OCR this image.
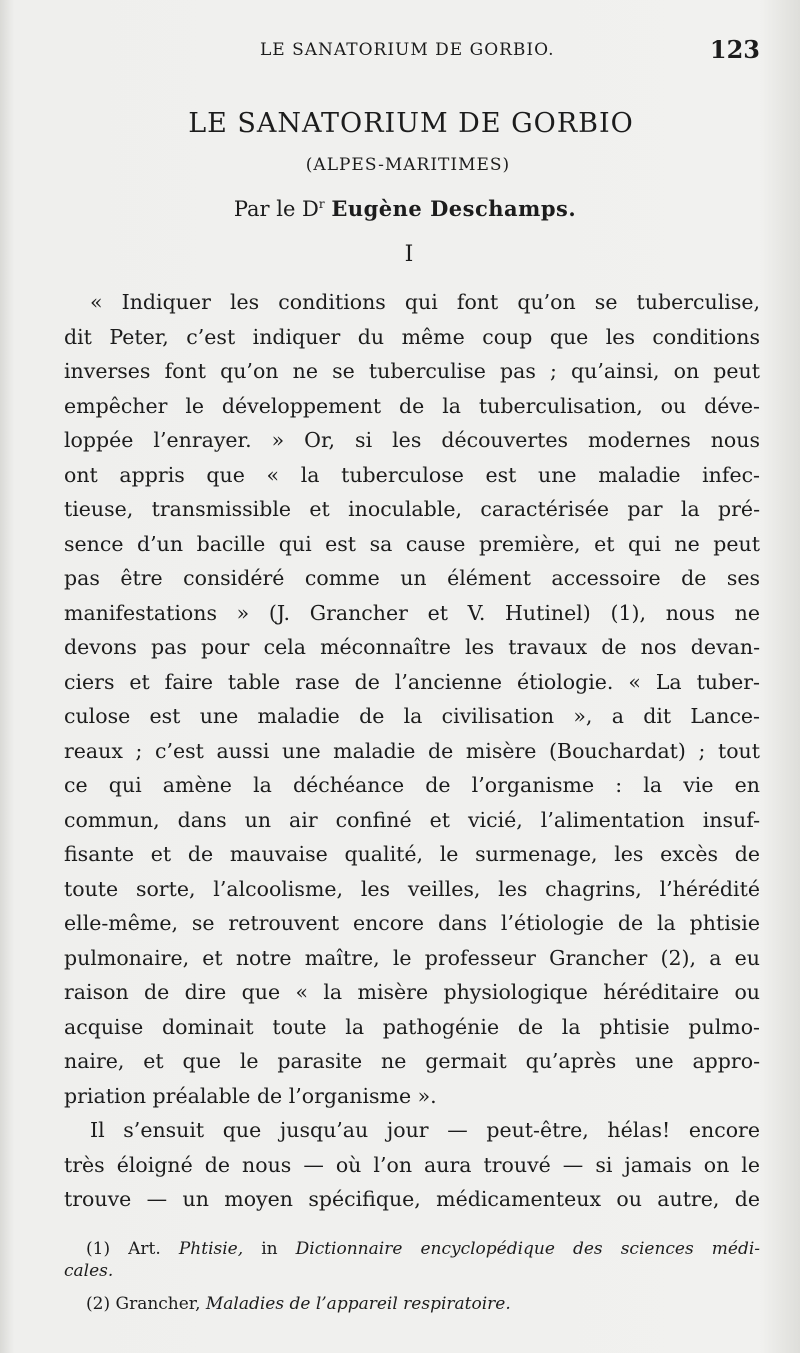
LE SANATORIUM DE GORBIO.	123
LE SANATORIUM DE GORBIO
(ALPES-MARITIMES)
Par le $D^r$ Eugène Deschamps.
I
« Indiquer les conditions qui font qu’on se tuberculise,
dit Peter, c’est indiquer du même coup que les conditions
inverses font qu’on ne se tuberculise pas ; qu’ainsi, on peut
empêcher le développement de la tuberculisation, ou déve-
loppée l’enrayer. » Or, si les découvertes modernes nous
ont appris que « la tuberculose est une maladie infec-
tieuse, transmissible et inoculable, caractérisée par la pré-
sence d’un bacille qui est sa cause première, et qui ne peut
pas être considéré comme un élément accessoire de ses
manifestations » (J. Grancher et V. Hutinel) (1), nous ne
devons pas pour cela méconnaître les travaux de nos devan-
ciers et faire table rase de l’ancienne étiologie. « La tuber-
culose est une maladie de la civilisation », a dit Lance-
reaux ; c’est aussi une maladie de misère (Bouchardat) ; tout
ce qui amène la déchéance de l’organisme : la vie en
commun, dans un air confiné et vicié, l’alimentation insuf-
fisante et de mauvaise qualité, le surmenage, les excès de
toute sorte, l’alcoolisme, les veilles, les chagrins, l’hérédité
elle-même, se retrouvent encore dans l’étiologie de la phtisie
pulmonaire, et notre maître, le professeur Grancher (2), a eu
raison de dire que « la misère physiologique héréditaire ou
acquise dominait toute la pathogénie de la phtisie pulmo-
naire, et que le parasite ne germait qu’après une appro-
priation préalable de l’organisme ».
Il s’ensuit que jusqu’au jour — peut-être, hélas! encore
très éloigné de nous — où l’on aura trouvé — si jamais on le
trouve — un moyen spécifique, médicamenteux ou autre, de
(1) Art. Phtisie, in Dictionnaire encyclopédique des sciences médi-
cales.
(2) Grancher, Maladies de l’appareil respiratoire.
